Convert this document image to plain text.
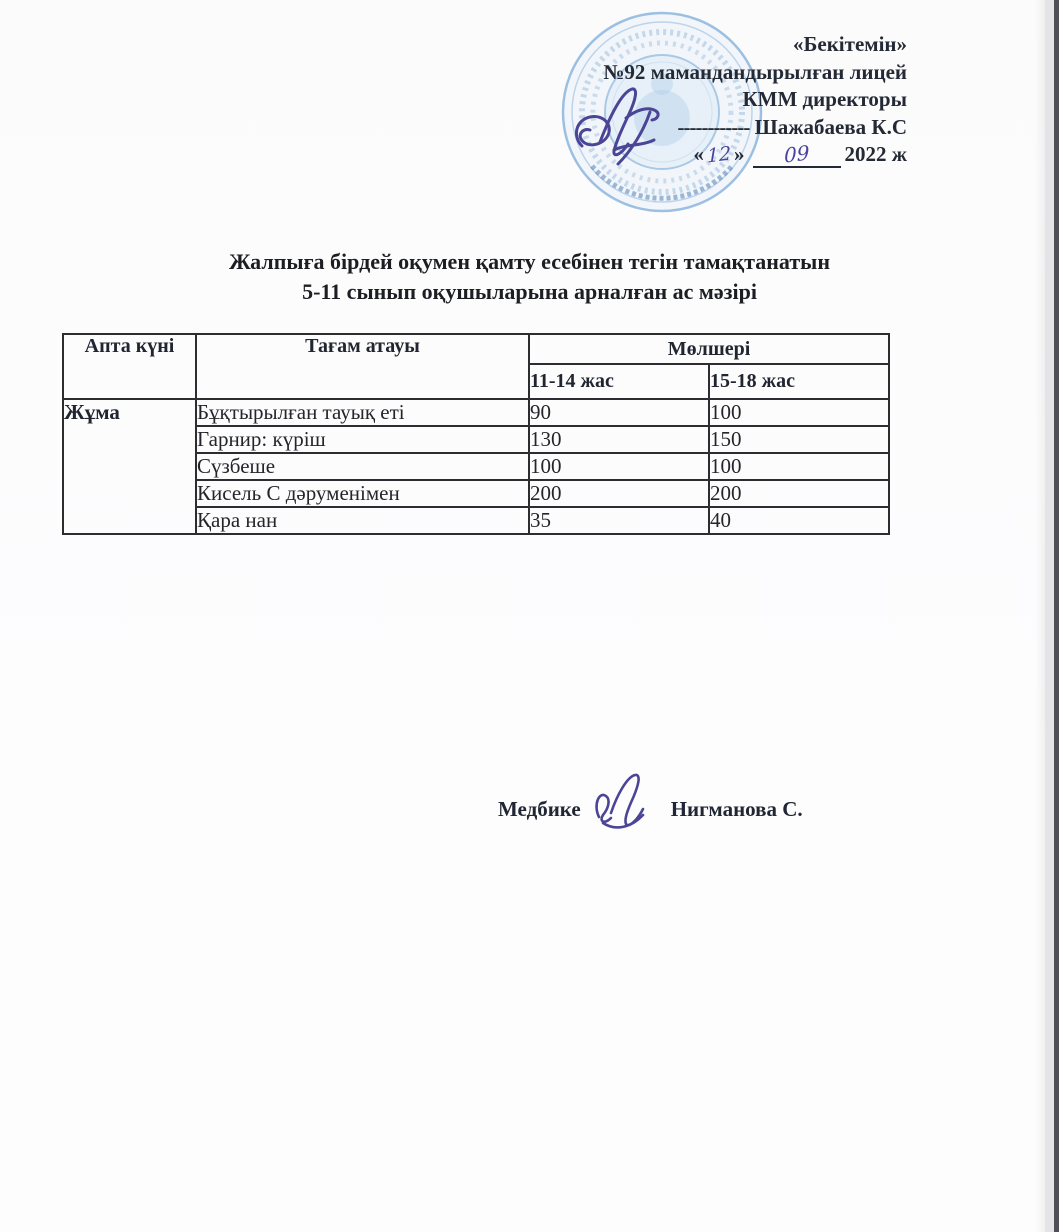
«Бекітемін»
№92 мамандандырылған лицей
КММ директоры
------------ Шажабаева К.С
« 12 » 09 2022 ж
Жалпыға бірдей оқумен қамту есебінен тегін тамақтанатын
5-11 сынып оқушыларына арналған ас мәзірі
Апта күні	Тағам атауы	Мөлшері	
		11-14 жас	15-18 жас
Жұма	Бұқтырылған тауық еті	90	100
	Гарнир: күріш	130	150
	Сүзбеше	100	100
	Кисель С дәруменімен	200	200
	Қара нан	35	40
Медбике	Нигманова С.
